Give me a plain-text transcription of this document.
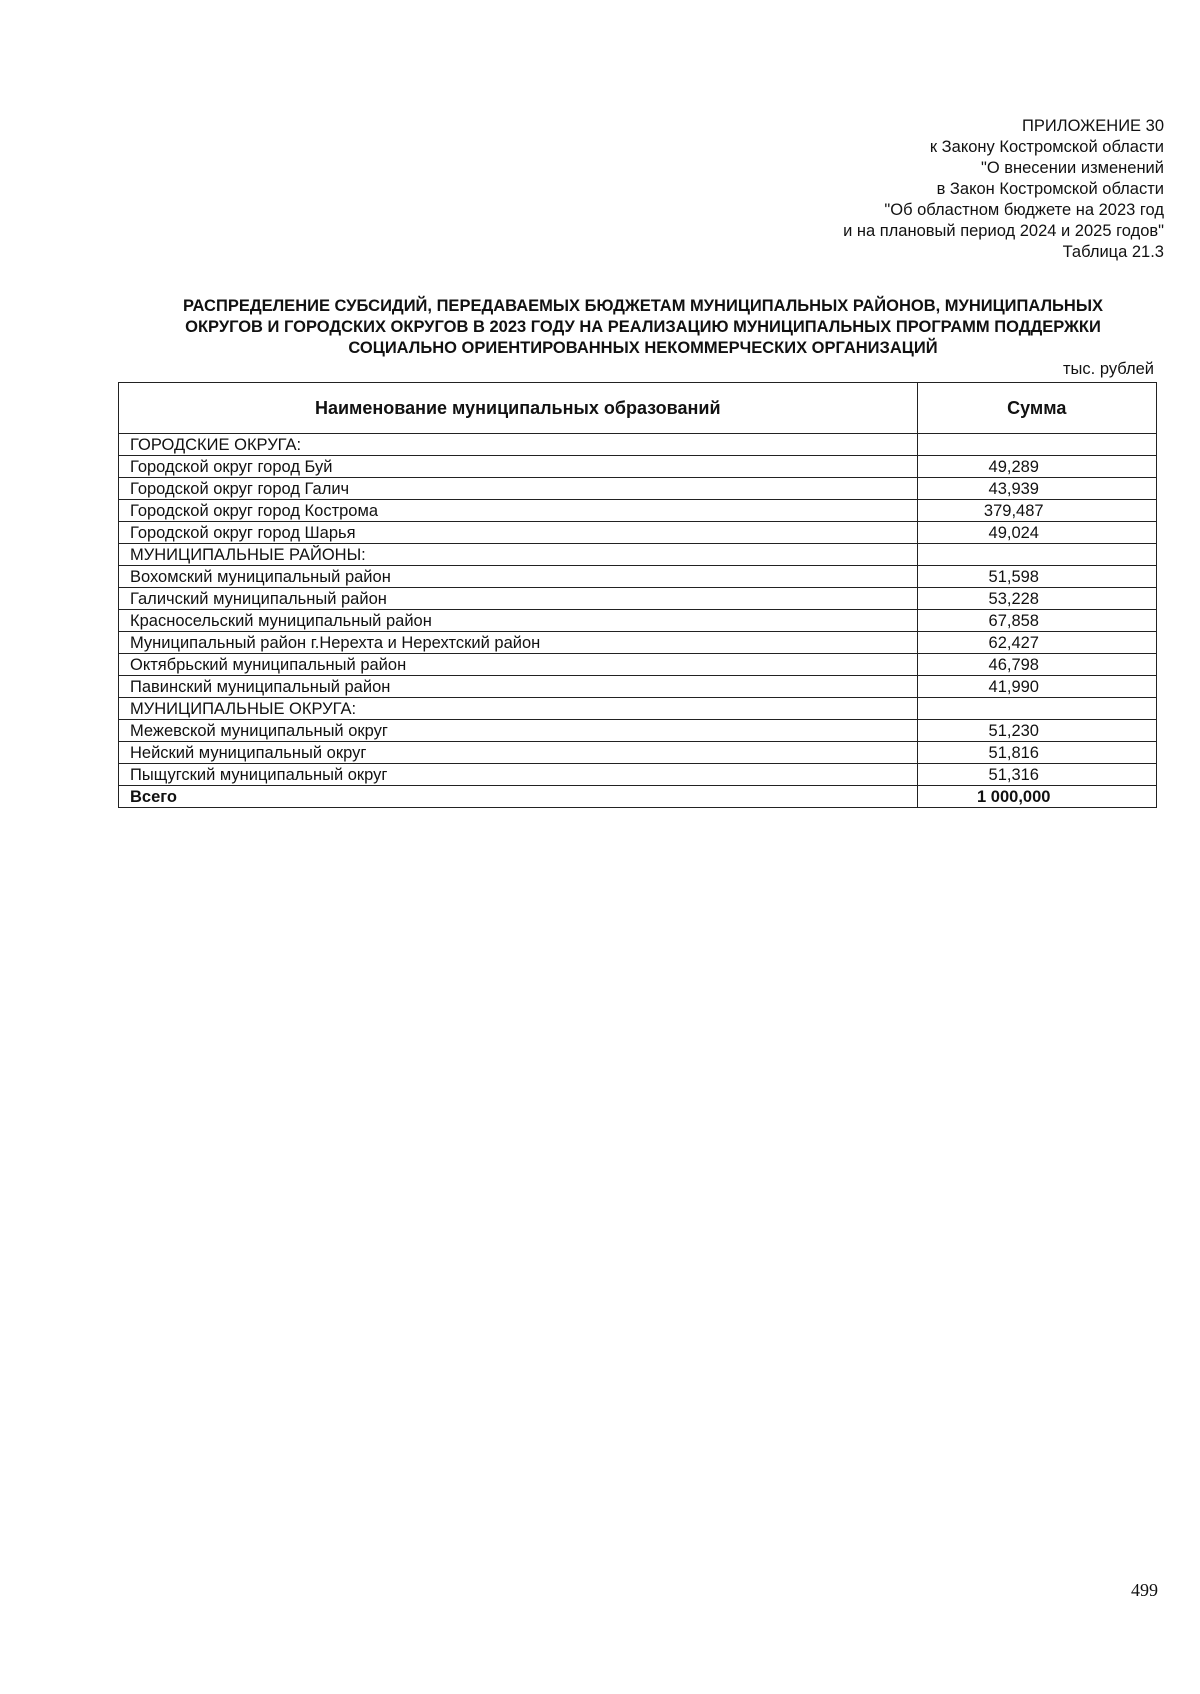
ПРИЛОЖЕНИЕ 30
к Закону Костромской области
"О внесении изменений
в Закон Костромской области
"Об областном бюджете на 2023 год
и на плановый период 2024 и 2025 годов"
Таблица 21.3
РАСПРЕДЕЛЕНИЕ СУБСИДИЙ, ПЕРЕДАВАЕМЫХ БЮДЖЕТАМ МУНИЦИПАЛЬНЫХ РАЙОНОВ, МУНИЦИПАЛЬНЫХ
ОКРУГОВ И ГОРОДСКИХ ОКРУГОВ В 2023 ГОДУ НА РЕАЛИЗАЦИЮ МУНИЦИПАЛЬНЫХ ПРОГРАММ ПОДДЕРЖКИ
СОЦИАЛЬНО ОРИЕНТИРОВАННЫХ НЕКОММЕРЧЕСКИХ ОРГАНИЗАЦИЙ
тыс. рублей
Наименование муниципальных образований	Сумма
ГОРОДСКИЕ ОКРУГА:	
Городской округ город Буй	49,289
Городской округ город Галич	43,939
Городской округ город Кострома	379,487
Городской округ город Шарья	49,024
МУНИЦИПАЛЬНЫЕ РАЙОНЫ:	
Вохомский муниципальный район	51,598
Галичский муниципальный район	53,228
Красносельский муниципальный район	67,858
Муниципальный район г.Нерехта и Нерехтский район	62,427
Октябрьский муниципальный район	46,798
Павинский муниципальный район	41,990
МУНИЦИПАЛЬНЫЕ ОКРУГА:	
Межевской муниципальный округ	51,230
Нейский муниципальный округ	51,816
Пыщугский муниципальный округ	51,316
Всего	1 000,000
499
